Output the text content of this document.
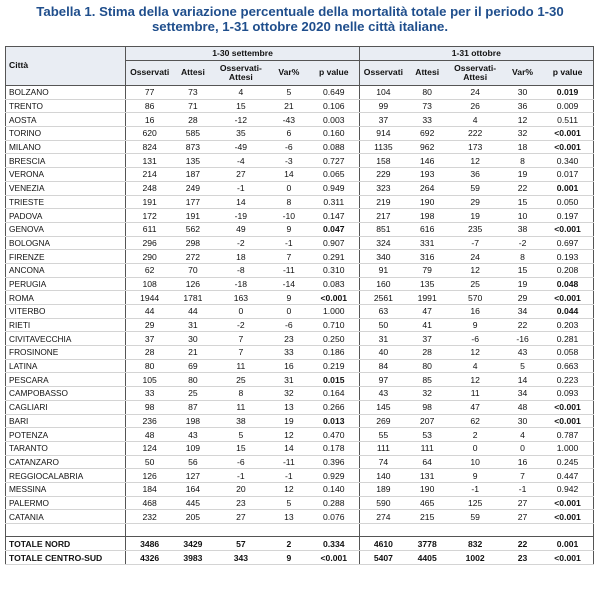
Tabella 1. Stima della variazione percentuale della mortalità totale per il periodo 1-30
settembre, 1-31 ottobre 2020 nelle città italiane.
Città	1-30 settembre					1-31 ottobre				
	Osservati	Attesi	Osservati-Attesi	Var%	p value	Osservati	Attesi	Osservati-Attesi	Var%	p value
BOLZANO	77	73	4	5	0.649	104	80	24	30	0.019
TRENTO	86	71	15	21	0.106	99	73	26	36	0.009
AOSTA	16	28	-12	-43	0.003	37	33	4	12	0.511
TORINO	620	585	35	6	0.160	914	692	222	32	<0.001
MILANO	824	873	-49	-6	0.088	1135	962	173	18	<0.001
BRESCIA	131	135	-4	-3	0.727	158	146	12	8	0.340
VERONA	214	187	27	14	0.065	229	193	36	19	0.017
VENEZIA	248	249	-1	0	0.949	323	264	59	22	0.001
TRIESTE	191	177	14	8	0.311	219	190	29	15	0.050
PADOVA	172	191	-19	-10	0.147	217	198	19	10	0.197
GENOVA	611	562	49	9	0.047	851	616	235	38	<0.001
BOLOGNA	296	298	-2	-1	0.907	324	331	-7	-2	0.697
FIRENZE	290	272	18	7	0.291	340	316	24	8	0.193
ANCONA	62	70	-8	-11	0.310	91	79	12	15	0.208
PERUGIA	108	126	-18	-14	0.083	160	135	25	19	0.048
ROMA	1944	1781	163	9	<0.001	2561	1991	570	29	<0.001
VITERBO	44	44	0	0	1.000	63	47	16	34	0.044
RIETI	29	31	-2	-6	0.710	50	41	9	22	0.203
CIVITAVECCHIA	37	30	7	23	0.250	31	37	-6	-16	0.281
FROSINONE	28	21	7	33	0.186	40	28	12	43	0.058
LATINA	80	69	11	16	0.219	84	80	4	5	0.663
PESCARA	105	80	25	31	0.015	97	85	12	14	0.223
CAMPOBASSO	33	25	8	32	0.164	43	32	11	34	0.093
CAGLIARI	98	87	11	13	0.266	145	98	47	48	<0.001
BARI	236	198	38	19	0.013	269	207	62	30	<0.001
POTENZA	48	43	5	12	0.470	55	53	2	4	0.787
TARANTO	124	109	15	14	0.178	111	111	0	0	1.000
CATANZARO	50	56	-6	-11	0.396	74	64	10	16	0.245
REGGIOCALABRIA	126	127	-1	-1	0.929	140	131	9	7	0.447
MESSINA	184	164	20	12	0.140	189	190	-1	-1	0.942
PALERMO	468	445	23	5	0.288	590	465	125	27	<0.001
CATANIA	232	205	27	13	0.076	274	215	59	27	<0.001

TOTALE NORD	3486	3429	57	2	0.334	4610	3778	832	22	0.001
TOTALE CENTRO-SUD	4326	3983	343	9	<0.001	5407	4405	1002	23	<0.001
